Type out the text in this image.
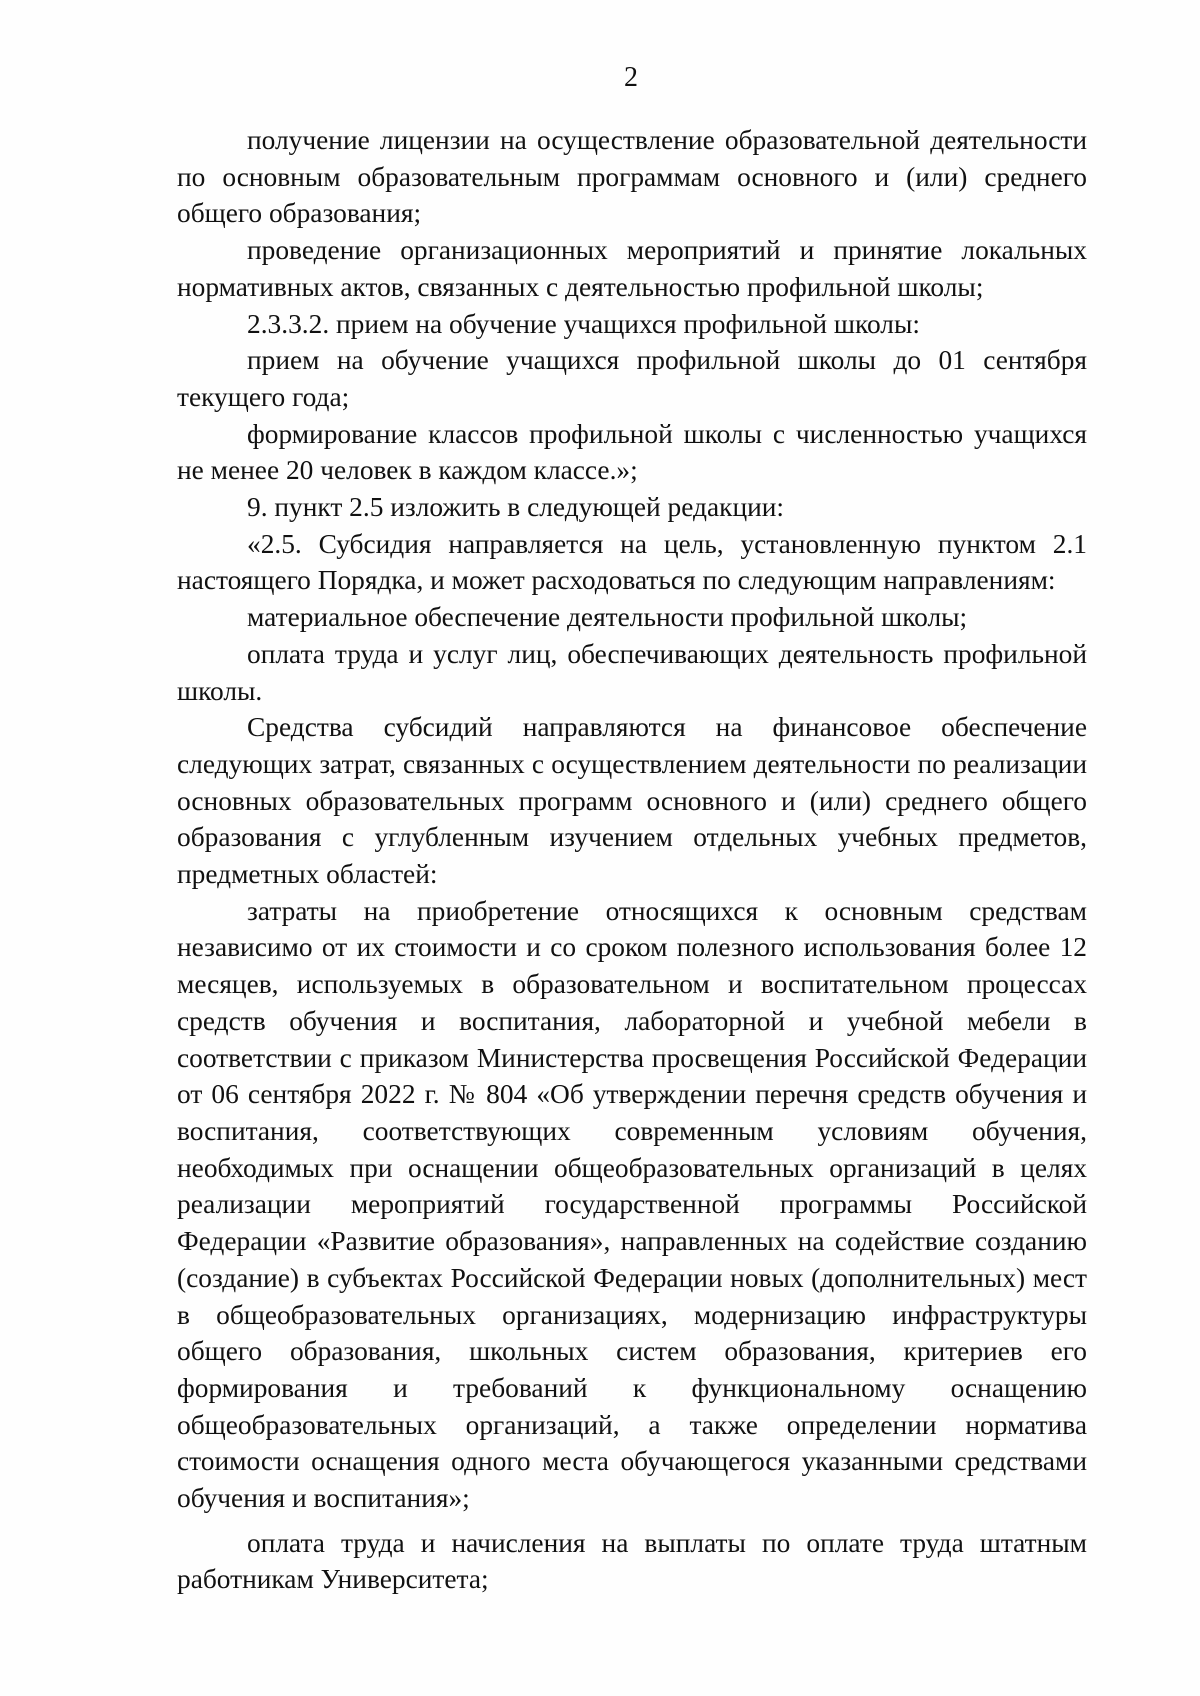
2

получение лицензии на осуществление образовательной деятельности по основным образовательным программам основного и (или) среднего общего образования;

проведение организационных мероприятий и принятие локальных нормативных актов, связанных с деятельностью профильной школы;

2.3.3.2. прием на обучение учащихся профильной школы:

прием на обучение учащихся профильной школы до 01 сентября текущего года;

формирование классов профильной школы с численностью учащихся не менее 20 человек в каждом классе.»;

9. пункт 2.5 изложить в следующей редакции:

«2.5. Субсидия направляется на цель, установленную пунктом 2.1 настоящего Порядка, и может расходоваться по следующим направлениям:

материальное обеспечение деятельности профильной школы;

оплата труда и услуг лиц, обеспечивающих деятельность профильной школы.

Средства субсидий направляются на финансовое обеспечение следующих затрат, связанных с осуществлением деятельности по реализации основных образовательных программ основного и (или) среднего общего образования с углубленным изучением отдельных учебных предметов, предметных областей:

затраты на приобретение относящихся к основным средствам независимо от их стоимости и со сроком полезного использования более 12 месяцев, используемых в образовательном и воспитательном процессах средств обучения и воспитания, лабораторной и учебной мебели в соответствии с приказом Министерства просвещения Российской Федерации от 06 сентября 2022 г. № 804 «Об утверждении перечня средств обучения и воспитания, соответствующих современным условиям обучения, необходимых при оснащении общеобразовательных организаций в целях реализации мероприятий государственной программы Российской Федерации «Развитие образования», направленных на содействие созданию (создание) в субъектах Российской Федерации новых (дополнительных) мест в общеобразовательных организациях, модернизацию инфраструктуры общего образования, школьных систем образования, критериев его формирования и требований к функциональному оснащению общеобразовательных организаций, а также определении норматива стоимости оснащения одного места обучающегося указанными средствами обучения и воспитания»;

оплата труда и начисления на выплаты по оплате труда штатным работникам Университета;
